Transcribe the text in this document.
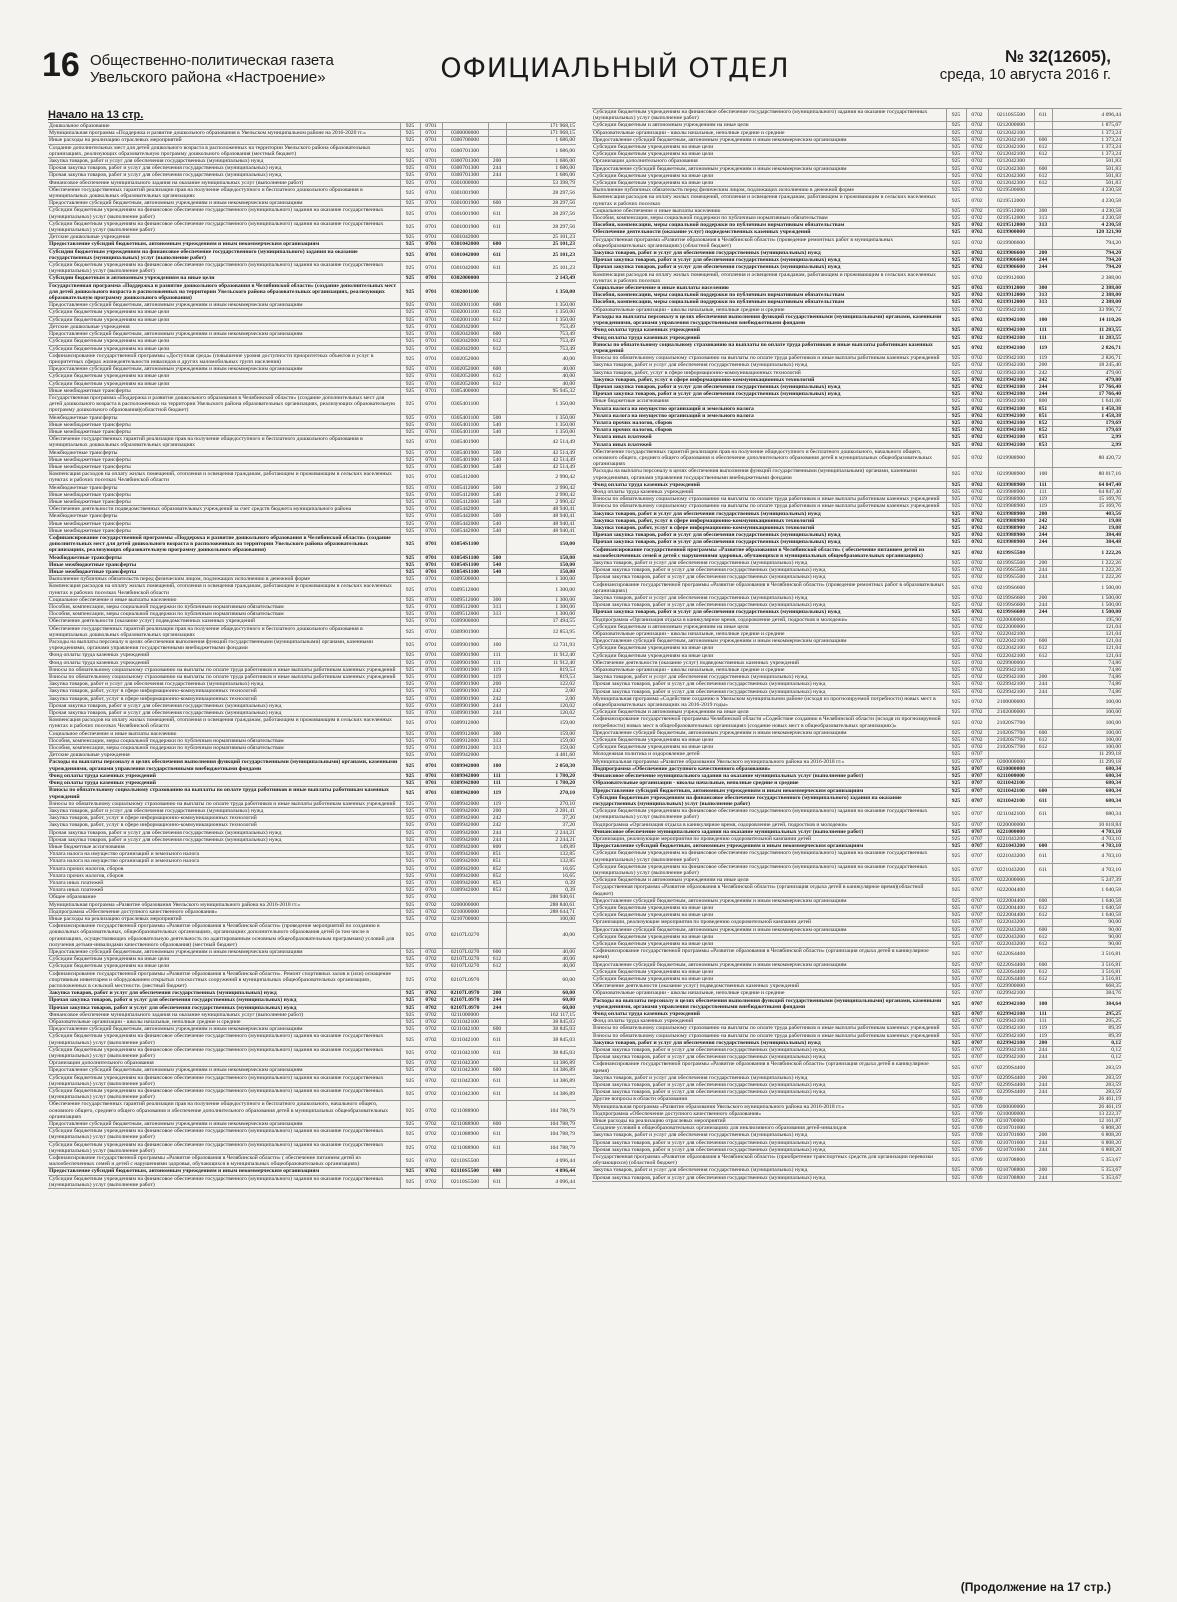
16 Общественно-политическая газета
Увельского района «Настроение»	ОФИЦИАЛЬНЫЙ ОТДЕЛ	№ 32(12605),
среда, 10 августа 2016 г.
Начало на 13 стр.
Дошкольное образование	925	0701			171 968,15
Муниципальная программа «Поддержка и развитие дошкольного образования в Увельском муниципальном районе на 2016-2020 гг.»	925	0701	0300000000		171 968,15
Иные расходы на реализацию отраслевых мероприятий	925	0701	0300700000		1 686,00
Создание дополнительных мест для детей дошкольного возраста в расположенных на территории Увельского района образовательных организациях, реализующих образовательную программу дошкольного образования (местный бюджет)	925	0701	0300701300		1 686,00
Закупка товаров, работ и услуг для обеспечения государственных (муниципальных) нужд	925	0701	0300701300	200	1 686,00
Прочая закупка товаров, работ и услуг для обеспечения государственных (муниципальных) нужд	925	0701	0300701300	244	1 686,00
Прочая закупка товаров, работ и услуг для обеспечения государственных (муниципальных) нужд	925	0701	0300701300	244	1 686,00
Финансовое обеспечение муниципального задания на оказание муниципальных услуг (выполнение работ)	925	0701	0301000000		53 398,79
Обеспечение государственных гарантий реализации прав на получение общедоступного и бесплатного дошкольного образования в муниципальных дошкольных образовательных организациях	925	0701	0301001900		28 297,56
Предоставление субсидий бюджетным, автономным учреждениям и иным некоммерческим организациям	925	0701	0301001900	600	28 297,56
Субсидии бюджетным учреждениям на финансовое обеспечение государственного (муниципального) задания на оказание государственных (муниципальных) услуг (выполнение работ)	925	0701	0301001900	611	28 297,56
Субсидии бюджетным учреждениям на финансовое обеспечение государственного (муниципального) задания на оказание государственных (муниципальных) услуг (выполнение работ)	925	0701	0301001900	611	28 297,56
Детские дошкольные учреждения	925	0701	0301042000		25 101,23
Предоставление субсидий бюджетным, автономным учреждениям и иным некоммерческим организациям	925	0701	0301042000	600	25 101,23
Субсидии бюджетным учреждениям на финансовое обеспечение государственного (муниципального) задания на оказание государственных (муниципальных) услуг (выполнение работ)	925	0701	0301042000	611	25 101,23
Субсидии бюджетным учреждениям на финансовое обеспечение государственного (муниципального) задания на оказание государственных (муниципальных) услуг (выполнение работ)	925	0701	0301042000	611	25 101,23
Субсидии бюджетным и автономным учреждениям на иные цели	925	0701	0302000000		2 143,49
Государственная программа «Поддержка и развитие дошкольного образования в Челябинской области» (создание дополнительных мест для детей дошкольного возраста в расположенных на территории Увельского района образовательных организациях, реализующих образовательную программу дошкольного образования)	925	0701	0302001100		1 350,00
Предоставление субсидий бюджетным, автономным учреждениям и иным некоммерческим организациям	925	0701	0302001100	600	1 350,00
Субсидии бюджетным учреждениям на иные цели	925	0701	0302001100	612	1 350,00
Субсидии бюджетным учреждениям на иные цели	925	0701	0302001100	612	1 350,00
Детские дошкольные учреждения	925	0701	0302042000		753,49
Предоставление субсидий бюджетным, автономным учреждениям и иным некоммерческим организациям	925	0701	0302042000	600	753,49
Субсидии бюджетным учреждениям на иные цели	925	0701	0302042000	612	753,49
Субсидии бюджетным учреждениям на иные цели	925	0701	0302042000	612	753,49
Софинансирование государственной программы «Доступная среда» (повышение уровня доступности приоритетных объектов и услуг в приоритетных сферах жизнедеятельности инвалидов и других маломобильных групп населения)	925	0701	0302052000		40,00
Предоставление субсидий бюджетным, автономным учреждениям и иным некоммерческим организациям	925	0701	0302052000	600	40,00
Субсидии бюджетным учреждениям на иные цели	925	0701	0302052000	612	40,00
Субсидии бюджетным учреждениям на иные цели	925	0701	0302052000	612	40,00
Иные межбюджетные трансферты	925	0701	0305400000		95 945,32
Государственная программа «Поддержка и развитие дошкольного образования в Челябинской области» (создание дополнительных мест для детей дошкольного возраста в расположенных на территории Увельского района образовательных организациях, реализующих образовательную программу дошкольного образования)(областной бюджет)	925	0701	0305401100		1 350,00
Межбюджетные трансферты	925	0701	0305401100	500	1 350,00
Иные межбюджетные трансферты	925	0701	0305401100	540	1 350,00
Иные межбюджетные трансферты	925	0701	0305401100	540	1 350,00
Обеспечение государственных гарантий реализации прав на получение общедоступного и бесплатного дошкольного образования в муниципальных дошкольных образовательных организациях	925	0701	0305401900		42 514,49
Межбюджетные трансферты	925	0701	0305401900	500	42 514,49
Иные межбюджетные трансферты	925	0701	0305401900	540	42 514,49
Иные межбюджетные трансферты	925	0701	0305401900	540	42 514,49
Компенсация расходов на оплату жилых помещений, отопления и освещения гражданам, работающим и проживающим в сельских населенных пунктах и рабочих поселках Челябинской области	925	0701	0305412000		2 990,42
Межбюджетные трансферты	925	0701	0305412000	500	2 990,42
Иные межбюджетные трансферты	925	0701	0305412000	540	2 990,42
Иные межбюджетные трансферты	925	0701	0305412000	540	2 990,42
Обеспечение деятельности подведомственных образовательных учреждений за счет средств бюджета муниципального района	925	0701	0305442000		48 940,41
Межбюджетные трансферты	925	0701	0305442000	500	48 940,41
Иные межбюджетные трансферты	925	0701	0305442000	540	48 940,41
Иные межбюджетные трансферты	925	0701	0305442000	540	48 940,41
Софинансирование государственной программы «Поддержка и развитие дошкольного образования в Челябинской области» (создание дополнительных мест для детей дошкольного возраста в расположенных на территории Увельского района образовательных организациях, реализующих образовательную программу дошкольного образования)	925	0701	03054S1100		150,00
Межбюджетные трансферты	925	0701	03054S1100	500	150,00
Иные межбюджетные трансферты	925	0701	03054S1100	540	150,00
Иные межбюджетные трансферты	925	0701	03054S1100	540	150,00
Выполнение публичных обязательств перед физическим лицом, подлежащих исполнению в денежной форме	925	0701	0309500000		1 300,00
Компенсация расходов на оплату жилых помещений, отопления и освещения гражданам, работающим и проживающим в сельских населенных пунктах и рабочих поселках Челябинской области	925	0701	0309512000		1 300,00
Социальное обеспечение и иные выплаты населению	925	0701	0309512000	300	1 300,00
Пособия, компенсации, меры социальной поддержки по публичным нормативным обязательствам	925	0701	0309512000	313	1 300,00
Пособия, компенсации, меры социальной поддержки по публичным нормативным обязательствам	925	0701	0309512000	313	1 300,00
Обеспечение деятельности (оказание услуг) подведомственных казенных учреждений	925	0701	0309900000		17 494,55
Обеспечение государственных гарантий реализации прав на получение общедоступного и бесплатного дошкольного образования в муниципальных дошкольных образовательных организациях	925	0701	0309901900		12 853,95
Расходы на выплаты персоналу в целях обеспечения выполнения функций государственными (муниципальными) органами, казенными учреждениями, органами управления государственными внебюджетными фондами	925	0701	0309901900	100	12 731,93
Фонд оплаты труда казенных учреждений	925	0701	0309901900	111	11 912,40
Фонд оплаты труда казенных учреждений	925	0701	0309901900	111	11 912,40
Взносы по обязательному социальному страхованию на выплаты по оплате труда работников и иные выплаты работникам казенных учреждений	925	0701	0309901900	119	819,53
Взносы по обязательному социальному страхованию на выплаты по оплате труда работников и иные выплаты работникам казенных учреждений	925	0701	0309901900	119	819,53
Закупка товаров, работ и услуг для обеспечения государственных (муниципальных) нужд	925	0701	0309901900	200	122,02
Закупка товаров, работ, услуг в сфере информационно-коммуникационных технологий	925	0701	0309901900	242	2,00
Закупка товаров, работ, услуг в сфере информационно-коммуникационных технологий	925	0701	0309901900	242	2,00
Прочая закупка товаров, работ и услуг для обеспечения государственных (муниципальных) нужд	925	0701	0309901900	244	120,02
Прочая закупка товаров, работ и услуг для обеспечения государственных (муниципальных) нужд	925	0701	0309901900	244	120,02
Компенсация расходов на оплату жилых помещений, отопления и освещения гражданам, работающим и проживающим в сельских населенных пунктах и рабочих поселках Челябинской области	925	0701	0309912000		159,00
Социальное обеспечение и иные выплаты населению	925	0701	0309912000	300	159,00
Пособия, компенсации, меры социальной поддержки по публичным нормативным обязательствам	925	0701	0309912000	313	159,00
Пособия, компенсации, меры социальной поддержки по публичным нормативным обязательствам	925	0701	0309912000	313	159,00
Детские дошкольные учреждения	925	0701	0309942000		4 481,60
Расходы на выплаты персоналу в целях обеспечения выполнения функций государственными (муниципальными) органами, казенными учреждениями, органами управления государственными внебюджетными фондами	925	0701	0309942000	100	2 050,30
Фонд оплаты труда казенных учреждений	925	0701	0309942000	111	1 780,20
Фонд оплаты труда казенных учреждений	925	0701	0309942000	111	1 780,20
Взносы по обязательному социальному страхованию на выплаты по оплате труда работников и иные выплаты работникам казенных учреждений	925	0701	0309942000	119	270,10
Взносы по обязательному социальному страхованию на выплаты по оплате труда работников и иные выплаты работникам казенных учреждений	925	0701	0309942000	119	270,10
Закупка товаров, работ и услуг для обеспечения государственных (муниципальных) нужд	925	0701	0309942000	200	2 281,41
Закупка товаров, работ, услуг в сфере информационно-коммуникационных технологий	925	0701	0309942000	242	37,20
Закупка товаров, работ, услуг в сфере информационно-коммуникационных технологий	925	0701	0309942000	242	37,20
Прочая закупка товаров, работ и услуг для обеспечения государственных (муниципальных) нужд	925	0701	0309942000	244	2 244,21
Прочая закупка товаров, работ и услуг для обеспечения государственных (муниципальных) нужд	925	0701	0309942000	244	2 244,21
Иные бюджетные ассигнования	925	0701	0309942000	800	149,89
Уплата налога на имущество организаций и земельного налога	925	0701	0309942000	851	132,85
Уплата налога на имущество организаций и земельного налога	925	0701	0309942000	851	132,85
Уплата прочих налогов, сборов	925	0701	0309942000	852	16,65
Уплата прочих налогов, сборов	925	0701	0309942000	852	16,65
Уплата иных платежей	925	0701	0309942000	853	0,39
Уплата иных платежей	925	0701	0309942000	853	0,39
Общее образование	925	0702			288 940,61
Муниципальная программа «Развитие образования Увельского муниципального района на 2016-2018 гг.»	925	0702	0200000000		288 840,61
Подпрограмма «Обеспечение доступного качественного образования»	925	0702	0210000000		288 644,71
Иные расходы на реализацию отраслевых мероприятий	925	0702	0210700000		100,00
Софинансирование государственной программы «Развитие образования в Челябинской области» (проведение мероприятий по созданию в дошкольных образовательных, общеобразовательных организациях, организациях дополнительного образования детей (в том числе в организациях, осуществляющих образовательную деятельность по адаптированным основным общеобразовательным программам) условий для получения детьми-инвалидами качественного образования) (местный бюджет)	925	0702	02107L0270		40,00
Предоставление субсидий бюджетным, автономным учреждениям и иным некоммерческим организациям	925	0702	02107L0270	600	40,00
Субсидии бюджетным учреждениям на иные цели	925	0702	02107L0270	612	40,00
Субсидии бюджетным учреждениям на иные цели	925	0702	02107L0270	612	40,00
Софинансирование государственной программы «Развитие образования в Челябинской области». Ремонт спортивных залов и (или) оснащение спортивным инвентарем и оборудованием открытых плоскостных сооружений в муниципальных общеобразовательных организациях, расположенных в сельской местности. (местный бюджет)	925	0702	02107L0970		60,00
Закупка товаров, работ и услуг для обеспечения государственных (муниципальных) нужд	925	0702	02107L0970	200	60,00
Прочая закупка товаров, работ и услуг для обеспечения государственных (муниципальных) нужд	925	0702	02107L0970	244	60,00
Прочая закупка товаров, работ и услуг для обеспечения государственных (муниципальных) нужд	925	0702	02107L0970	244	60,00
Финансовое обеспечение муниципального задания на оказание муниципальных услуг (выполнение работ)	925	0702	0211000000		162 117,15
Образовательные организации - школы начальные, неполные средние и средние	925	0702	0211042100		38 845,03
Предоставление субсидий бюджетным, автономным учреждениям и иным некоммерческим организациям	925	0702	0211042100	600	38 845,03
Субсидии бюджетным учреждениям на финансовое обеспечение государственного (муниципального) задания на оказание государственных (муниципальных) услуг (выполнение работ)	925	0702	0211042100	611	38 845,03
Субсидии бюджетным учреждениям на финансовое обеспечение государственного (муниципального) задания на оказание государственных (муниципальных) услуг (выполнение работ)	925	0702	0211042100	611	38 845,03
Организации дополнительного образования	925	0702	0211042300		14 386,89
Предоставление субсидий бюджетным, автономным учреждениям и иным некоммерческим организациям	925	0702	0211042300	600	14 386,89
Субсидии бюджетным учреждениям на финансовое обеспечение государственного (муниципального) задания на оказание государственных (муниципальных) услуг (выполнение работ)	925	0702	0211042300	611	14 386,89
Субсидии бюджетным учреждениям на финансовое обеспечение государственного (муниципального) задания на оказание государственных (муниципальных) услуг (выполнение работ)	925	0702	0211042300	611	14 386,89
Обеспечение государственных гарантий реализации прав на получение общедоступного и бесплатного дошкольного, начального общего, основного общего, среднего общего образования и обеспечение дополнительного образования детей в муниципальных общеобразовательных организациях	925	0702	0211088900		104 788,79
Предоставление субсидий бюджетным, автономным учреждениям и иным некоммерческим организациям	925	0702	0211088900	600	104 788,79
Субсидии бюджетным учреждениям на финансовое обеспечение государственного (муниципального) задания на оказание государственных (муниципальных) услуг (выполнение работ)	925	0702	0211088900	611	104 788,79
Субсидии бюджетным учреждениям на финансовое обеспечение государственного (муниципального) задания на оказание государственных (муниципальных) услуг (выполнение работ)	925	0702	0211088900	611	104 788,79
Софинансирование государственной программы «Развитие образования в Челябинской области» ( обеспечение питанием детей из малообеспеченных семей и детей с нарушениями здоровья, обучающихся в муниципальных общеобразовательных организациях)	925	0702	02110S5500		4 096,44
Предоставление субсидий бюджетным, автономным учреждениям и иным некоммерческим организациям	925	0702	02110S5500	600	4 096,44
Субсидии бюджетным учреждениям на финансовое обеспечение государственного (муниципального) задания на оказание государственных (муниципальных) услуг (выполнение работ)	925	0702	02110S5500	611	4 096,44
Субсидии бюджетным учреждениям на финансовое обеспечение государственного (муниципального) задания на оказание государственных (муниципальных) услуг (выполнение работ)	925	0702	02110S5500	611	4 096,44
Субсидии бюджетным и автономным учреждениям на иные цели	925	0702	0212000000		1 875,07
Образовательные организации - школы начальные, неполные средние и средние	925	0702	0212042100		1 373,24
Предоставление субсидий бюджетным, автономным учреждениям и иным некоммерческим организациям	925	0702	0212042100	600	1 373,24
Субсидии бюджетным учреждениям на иные цели	925	0702	0212042100	612	1 373,24
Субсидии бюджетным учреждениям на иные цели	925	0702	0212042100	612	1 373,24
Организации дополнительного образования	925	0702	0212042300		501,83
Предоставление субсидий бюджетным, автономным учреждениям и иным некоммерческим организациям	925	0702	0212042300	600	501,83
Субсидии бюджетным учреждениям на иные цели	925	0702	0212042300	612	501,83
Субсидии бюджетным учреждениям на иные цели	925	0702	0212042300	612	501,83
Выполнение публичных обязательств перед физическим лицом, подлежащих исполнению в денежной форме	925	0702	0219500000		4 230,58
Компенсация расходов на оплату жилых помещений, отопления и освещения гражданам, работающим и проживающим в сельских населенных пунктах и рабочих поселках	925	0702	0219512000		4 230,58
Социальное обеспечение и иные выплаты населению	925	0702	0219512000	300	4 230,58
Пособия, компенсации, меры социальной поддержки по публичным нормативным обязательствам	925	0702	0219512000	313	4 230,58
Пособия, компенсации, меры социальной поддержки по публичным нормативным обязательствам	925	0702	0219512000	313	4 230,58
Обеспечение деятельности (оказание услуг) подведомственных казенных учреждений	925	0702	0219900000		120 321,90
Государственная программа «Развитие образования в Челябинской области» (проведение ремонтных работ в муниципальных общеобразовательных организациях) (областной бюджет)	925	0702	0219906600		794,20
Закупка товаров, работ и услуг для обеспечения государственных (муниципальных) нужд	925	0702	0219906600	200	794,20
Прочая закупка товаров, работ и услуг для обеспечения государственных (муниципальных) нужд	925	0702	0219906600	244	794,20
Прочая закупка товаров, работ и услуг для обеспечения государственных (муниципальных) нужд	925	0702	0219906600	244	794,20
Компенсация расходов на оплату жилых помещений, отопления и освещения гражданам, работающим и проживающим в сельских населенных пунктах и рабочих поселках	925	0702	0219912000		2 388,00
Социальное обеспечение и иные выплаты населению	925	0702	0219912000	300	2 388,00
Пособия, компенсации, меры социальной поддержки по публичным нормативным обязательствам	925	0702	0219912000	313	2 388,00
Пособия, компенсации, меры социальной поддержки по публичным нормативным обязательствам	925	0702	0219912000	313	2 388,00
Образовательные организации - школы начальные, неполные средние и средние	925	0702	0219942100		33 996,72
Расходы на выплаты персоналу в целях обеспечения выполнения функций государственными (муниципальными) органами, казенными учреждениями, органами управления государственными внебюджетными фондами	925	0702	0219942100	100	14 110,26
Фонд оплаты труда казенных учреждений	925	0702	0219942100	111	11 283,55
Фонд оплаты труда казенных учреждений	925	0702	0219942100	111	11 283,55
Взносы по обязательному социальному страхованию на выплаты по оплате труда работников и иные выплаты работникам казенных учреждений	925	0702	0219942100	119	2 826,71
Взносы по обязательному социальному страхованию на выплаты по оплате труда работников и иные выплаты работникам казенных учреждений	925	0702	0219942100	119	2 826,71
Закупка товаров, работ и услуг для обеспечения государственных (муниципальных) нужд	925	0702	0219942100	200	18 245,40
Закупка товаров, работ, услуг в сфере информационно-коммуникационных технологий	925	0702	0219942100	242	479,00
Закупка товаров, работ, услуг в сфере информационно-коммуникационных технологий	925	0702	0219942100	242	479,00
Прочая закупка товаров, работ и услуг для обеспечения государственных (муниципальных) нужд	925	0702	0219942100	244	17 766,40
Прочая закупка товаров, работ и услуг для обеспечения государственных (муниципальных) нужд	925	0702	0219942100	244	17 766,40
Иные бюджетные ассигнования	925	0702	0219942100	800	1 641,06
Уплата налога на имущество организаций и земельного налога	925	0702	0219942100	851	1 458,38
Уплата налога на имущество организаций и земельного налога	925	0702	0219942100	851	1 458,38
Уплата прочих налогов, сборов	925	0702	0219942100	852	179,69
Уплата прочих налогов, сборов	925	0702	0219942100	852	179,69
Уплата иных платежей	925	0702	0219942100	853	2,99
Уплата иных платежей	925	0702	0219942100	853	2,99
Обеспечение государственных гарантий реализации прав на получение общедоступного и бесплатного дошкольного, начального общего, основного общего, среднего общего образования и обеспечение дополнительного образования детей в муниципальных общеобразовательных организациях	925	0702	0219988900		80 420,72
Расходы на выплаты персоналу в целях обеспечения выполнения функций государственными (муниципальными) органами, казенными учреждениями, органами управления государственными внебюджетными фондами	925	0702	0219988900	100	80 017,16
Фонд оплаты труда казенных учреждений	925	0702	0219988900	111	64 847,40
Фонд оплаты труда казенных учреждений	925	0702	0219988900	111	64 847,40
Взносы по обязательному социальному страхованию на выплаты по оплате труда работников и иные выплаты работникам казенных учреждений	925	0702	0219988900	119	15 169,76
Взносы по обязательному социальному страхованию на выплаты по оплате труда работников и иные выплаты работникам казенных учреждений	925	0702	0219988900	119	15 169,76
Закупка товаров, работ и услуг для обеспечения государственных (муниципальных) нужд	925	0702	0219988900	200	403,56
Закупка товаров, работ, услуг в сфере информационно-коммуникационных технологий	925	0702	0219988900	242	19,08
Закупка товаров, работ, услуг в сфере информационно-коммуникационных технологий	925	0702	0219988900	242	19,08
Прочая закупка товаров, работ и услуг для обеспечения государственных (муниципальных) нужд	925	0702	0219988900	244	384,48
Прочая закупка товаров, работ и услуг для обеспечения государственных (муниципальных) нужд	925	0702	0219988900	244	384,48
Софинансирование государственной программы «Развитие образования в Челябинской области» ( обеспечение питанием детей из малообеспеченных семей и детей с нарушениями здоровья, обучающихся в муниципальных общеобразовательных организациях)	925	0702	02199S5500		1 222,26
Закупка товаров, работ и услуг для обеспечения государственных (муниципальных) нужд	925	0702	02199S5500	200	1 222,26
Прочая закупка товаров, работ и услуг для обеспечения государственных (муниципальных) нужд	925	0702	02199S5500	244	1 222,26
Прочая закупка товаров, работ и услуг для обеспечения государственных (муниципальных) нужд	925	0702	02199S5500	244	1 222,26
Софинансирование государственной программы «Развитие образования в Челябинской области» (проведение ремонтных работ в образовательных организациях)	925	0702	02199S6600		1 500,00
Закупка товаров, работ и услуг для обеспечения государственных (муниципальных) нужд	925	0702	02199S6600	200	1 500,00
Прочая закупка товаров, работ и услуг для обеспечения государственных (муниципальных) нужд	925	0702	02199S6600	244	1 500,00
Прочая закупка товаров, работ и услуг для обеспечения государственных (муниципальных) нужд	925	0702	02199S6600	244	1 500,00
Подпрограмма «Организация отдыха в каникулярное время, оздоровление детей, подростков и молодежи»	925	0702	0220000000		195,90
Субсидии бюджетным и автономным учреждениям на иные цели	925	0702	0222000000		121,04
Образовательные организации - школы начальные, неполные средние и средние	925	0702	0222042100		121,04
Предоставление субсидий бюджетным, автономным учреждениям и иным некоммерческим организациям	925	0702	0222042100	600	121,04
Субсидии бюджетным учреждениям на иные цели	925	0702	0222042100	612	121,04
Субсидии бюджетным учреждениям на иные цели	925	0702	0222042100	612	121,04
Обеспечение деятельности (оказание услуг) подведомственных казенных учреждений	925	0702	0229900000		74,86
Образовательные организации - школы начальные, неполные средние и средние	925	0702	0229942100		74,86
Закупка товаров, работ и услуг для обеспечения государственных (муниципальных) нужд	925	0702	0229942100	200	74,86
Прочая закупка товаров, работ и услуг для обеспечения государственных (муниципальных) нужд	925	0702	0229942100	244	74,86
Прочая закупка товаров, работ и услуг для обеспечения государственных (муниципальных) нужд	925	0702	0229942100	244	74,86
Муниципальная программа «Содействие созданию в Увельском муниципальном районе (исходя из прогнозируемой потребности) новых мест в общеобразовательных организациях на 2016-2019 годы»	925	0702	2100000000		100,00
Субсидии бюджетным и автономным учреждениям на иные цели	925	0702	2102000000		100,00
Софинансирование государственной программы Челябинской области «Содействие созданию в Челябинской области (исходя из прогнозируемой потребности) новых мест в общеобразовательных организациях (создание новых мест в общеобразовательных организациях)»	925	0702	21020S7700		100,00
Предоставление субсидий бюджетным, автономным учреждениям и иным некоммерческим организациям	925	0702	21020S7700	600	100,00
Субсидии бюджетным учреждениям на иные цели	925	0702	21020S7700	612	100,00
Субсидии бюджетным учреждениям на иные цели	925	0702	21020S7700	612	100,00
Молодежная политика и оздоровление детей	925	0707			11 299,18
Муниципальная программа «Развитие образования Увельского муниципального района на 2016-2018 гг.»	925	0707	0200000000		11 299,18
Подпрограмма «Обеспечение доступного качественного образования»	925	0707	0210000000		680,34
Финансовое обеспечение муниципального задания на оказание муниципальных услуг (выполнение работ)	925	0707	0211000000		680,34
Образовательные организации - школы начальные, неполные средние и средние	925	0707	0211042100		680,34
Предоставление субсидий бюджетным, автономным учреждениям и иным некоммерческим организациям	925	0707	0211042100	600	680,34
Субсидии бюджетным учреждениям на финансовое обеспечение государственного (муниципального) задания на оказание государственных (муниципальных) услуг (выполнение работ)	925	0707	0211042100	611	680,34
Субсидии бюджетным учреждениям на финансовое обеспечение государственного (муниципального) задания на оказание государственных (муниципальных) услуг (выполнение работ)	925	0707	0211042100	611	680,34
Подпрограмма «Организация отдыха в каникулярное время, оздоровление детей, подростков и молодежи»	925	0707	0220000000		10 618,84
Финансовое обеспечение муниципального задания на оказание муниципальных услуг (выполнение работ)	925	0707	0221000000		4 703,10
Организации, реализующие мероприятия по проведению оздоровительной кампании детей	925	0707	0221043200		4 703,10
Предоставление субсидий бюджетным, автономным учреждениям и иным некоммерческим организациям	925	0707	0221043200	600	4 703,10
Субсидии бюджетным учреждениям на финансовое обеспечение государственного (муниципального) задания на оказание государственных (муниципальных) услуг (выполнение работ)	925	0707	0221043200	611	4 703,10
Субсидии бюджетным учреждениям на финансовое обеспечение государственного (муниципального) задания на оказание государственных (муниципальных) услуг (выполнение работ)	925	0707	0221043200	611	4 703,10
Субсидии бюджетным и автономным учреждениям на иные цели	925	0707	0222000000		5 247,39
Государственная программа «Развитие образования в Челябинской области» (организация отдыха детей в каникулярное время)(областной бюджет)	925	0707	0222004400		1 640,58
Предоставление субсидий бюджетным, автономным учреждениям и иным некоммерческим организациям	925	0707	0222004400	600	1 640,58
Субсидии бюджетным учреждениям на иные цели	925	0707	0222004400	612	1 640,58
Субсидии бюджетным учреждениям на иные цели	925	0707	0222004400	612	1 640,58
Организации, реализующие мероприятия по проведению оздоровительной кампании детей	925	0707	0222043200		90,00
Предоставление субсидий бюджетным, автономным учреждениям и иным некоммерческим организациям	925	0707	0222043200	600	90,00
Субсидии бюджетным учреждениям на иные цели	925	0707	0222043200	612	90,00
Субсидии бюджетным учреждениям на иные цели	925	0707	0222043200	612	90,00
Софинансирование государственной программы «Развитие образования в Челябинской области» (организация отдыха детей в каникулярное время)	925	0707	02220S4400		3 516,81
Предоставление субсидий бюджетным, автономным учреждениям и иным некоммерческим организациям	925	0707	02220S4400	600	3 516,81
Субсидии бюджетным учреждениям на иные цели	925	0707	02220S4400	612	3 516,81
Субсидии бюджетным учреждениям на иные цели	925	0707	02220S4400	612	3 516,81
Обеспечение деятельности (оказание услуг) подведомственных казенных учреждений	925	0707	0229900000		668,35
Образовательные организации - школы начальные, неполные средние и средние	925	0707	0229942100		384,76
Расходы на выплаты персоналу в целях обеспечения выполнения функций государственными (муниципальными) органами, казенными учреждениями, органами управления государственными внебюджетными фондами	925	0707	0229942100	100	384,64
Фонд оплаты труда казенных учреждений	925	0707	0229942100	111	295,25
Фонд оплаты труда казенных учреждений	925	0707	0229942100	111	295,25
Взносы по обязательному социальному страхованию на выплаты по оплате труда работников и иные выплаты работникам казенных учреждений	925	0707	0229942100	119	89,39
Взносы по обязательному социальному страхованию на выплаты по оплате труда работников и иные выплаты работникам казенных учреждений	925	0707	0229942100	119	89,39
Закупка товаров, работ и услуг для обеспечения государственных (муниципальных) нужд	925	0707	0229942100	200	0,12
Прочая закупка товаров, работ и услуг для обеспечения государственных (муниципальных) нужд	925	0707	0229942100	244	0,12
Прочая закупка товаров, работ и услуг для обеспечения государственных (муниципальных) нужд	925	0707	0229942100	244	0,12
Софинансирование государственной программы «Развитие образования в Челябинской области» (организация отдыха детей в каникулярное время)	925	0707	02299S4400		283,59
Закупка товаров, работ и услуг для обеспечения государственных (муниципальных) нужд	925	0707	02299S4400	200	283,59
Прочая закупка товаров, работ и услуг для обеспечения государственных (муниципальных) нужд	925	0707	02299S4400	244	283,59
Прочая закупка товаров, работ и услуг для обеспечения государственных (муниципальных) нужд	925	0707	02299S4400	244	283,59
Другие вопросы в области образования	925	0709			26 461,19
Муниципальная программа «Развитие образования Увельского муниципального района на 2016-2018 гг.»	925	0709	0200000000		26 461,19
Подпрограмма «Обеспечение доступного качественного образования»	925	0709	0210000000		13 222,37
Иные расходы на реализацию отраслевых мероприятий	925	0709	0210700000		12 161,87
Создание условий в общеобразовательных организациях для инклюзивного образования детей-инвалидов	925	0709	0210701600		6 808,20
Закупка товаров, работ и услуг для обеспечения государственных (муниципальных) нужд	925	0709	0210701600	200	6 808,20
Прочая закупка товаров, работ и услуг для обеспечения государственных (муниципальных) нужд	925	0709	0210701600	244	6 808,20
Прочая закупка товаров, работ и услуг для обеспечения государственных (муниципальных) нужд	925	0709	0210701600	244	6 808,20
Государственная программа «Развитие образования в Челябинской области» (приобретение транспортных средств для организации перевозки обучающихся) (областной бюджет)	925	0709	0210708800		5 353,67
Закупка товаров, работ и услуг для обеспечения государственных (муниципальных) нужд	925	0709	0210708800	200	5 353,67
Прочая закупка товаров, работ и услуг для обеспечения государственных (муниципальных) нужд	925	0709	0210708800	244	5 353,67
(Продолжение на 17 стр.)
